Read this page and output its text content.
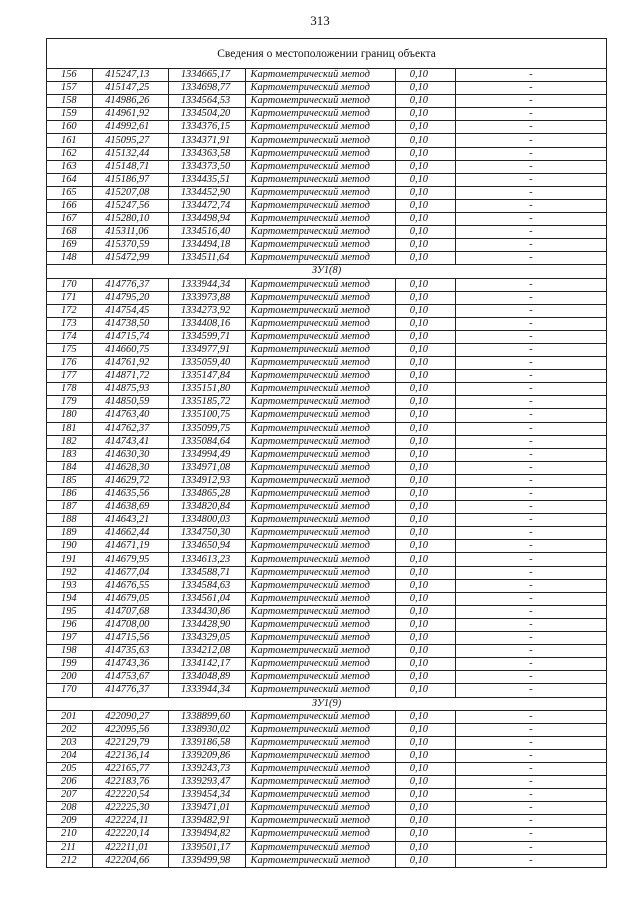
313
Сведения о местоположении границ объекта					
156	415247,13	1334665,17	Картометрический метод	0,10	-
157	415147,25	1334698,77	Картометрический метод	0,10	-
158	414986,26	1334564,53	Картометрический метод	0,10	-
159	414961,92	1334504,20	Картометрический метод	0,10	-
160	414992,61	1334376,15	Картометрический метод	0,10	-
161	415095,27	1334371,91	Картометрический метод	0,10	-
162	415132,44	1334363,58	Картометрический метод	0,10	-
163	415148,71	1334373,50	Картометрический метод	0,10	-
164	415186,97	1334435,51	Картометрический метод	0,10	-
165	415207,08	1334452,90	Картометрический метод	0,10	-
166	415247,56	1334472,74	Картометрический метод	0,10	-
167	415280,10	1334498,94	Картометрический метод	0,10	-
168	415311,06	1334516,40	Картометрический метод	0,10	-
169	415370,59	1334494,18	Картометрический метод	0,10	-
148	415472,99	1334511,64	Картометрический метод	0,10	-
ЗУ1(8)					
170	414776,37	1333944,34	Картометрический метод	0,10	-
171	414795,20	1333973,88	Картометрический метод	0,10	-
172	414754,45	1334273,92	Картометрический метод	0,10	-
173	414738,50	1334408,16	Картометрический метод	0,10	-
174	414715,74	1334599,71	Картометрический метод	0,10	-
175	414660,75	1334977,91	Картометрический метод	0,10	-
176	414761,92	1335059,40	Картометрический метод	0,10	-
177	414871,72	1335147,84	Картометрический метод	0,10	-
178	414875,93	1335151,80	Картометрический метод	0,10	-
179	414850,59	1335185,72	Картометрический метод	0,10	-
180	414763,40	1335100,75	Картометрический метод	0,10	-
181	414762,37	1335099,75	Картометрический метод	0,10	-
182	414743,41	1335084,64	Картометрический метод	0,10	-
183	414630,30	1334994,49	Картометрический метод	0,10	-
184	414628,30	1334971,08	Картометрический метод	0,10	-
185	414629,72	1334912,93	Картометрический метод	0,10	-
186	414635,56	1334865,28	Картометрический метод	0,10	-
187	414638,69	1334820,84	Картометрический метод	0,10	-
188	414643,21	1334800,03	Картометрический метод	0,10	-
189	414662,44	1334750,30	Картометрический метод	0,10	-
190	414671,19	1334650,94	Картометрический метод	0,10	-
191	414679,95	1334613,23	Картометрический метод	0,10	-
192	414677,04	1334588,71	Картометрический метод	0,10	-
193	414676,55	1334584,63	Картометрический метод	0,10	-
194	414679,05	1334561,04	Картометрический метод	0,10	-
195	414707,68	1334430,86	Картометрический метод	0,10	-
196	414708,00	1334428,90	Картометрический метод	0,10	-
197	414715,56	1334329,05	Картометрический метод	0,10	-
198	414735,63	1334212,08	Картометрический метод	0,10	-
199	414743,36	1334142,17	Картометрический метод	0,10	-
200	414753,67	1334048,89	Картометрический метод	0,10	-
170	414776,37	1333944,34	Картометрический метод	0,10	-
ЗУ1(9)					
201	422090,27	1338899,60	Картометрический метод	0,10	-
202	422095,56	1338930,02	Картометрический метод	0,10	-
203	422129,79	1339186,58	Картометрический метод	0,10	-
204	422136,14	1339209,86	Картометрический метод	0,10	-
205	422165,77	1339243,73	Картометрический метод	0,10	-
206	422183,76	1339293,47	Картометрический метод	0,10	-
207	422220,54	1339454,34	Картометрический метод	0,10	-
208	422225,30	1339471,01	Картометрический метод	0,10	-
209	422224,11	1339482,91	Картометрический метод	0,10	-
210	422220,14	1339494,82	Картометрический метод	0,10	-
211	422211,01	1339501,17	Картометрический метод	0,10	-
212	422204,66	1339499,98	Картометрический метод	0,10	-
